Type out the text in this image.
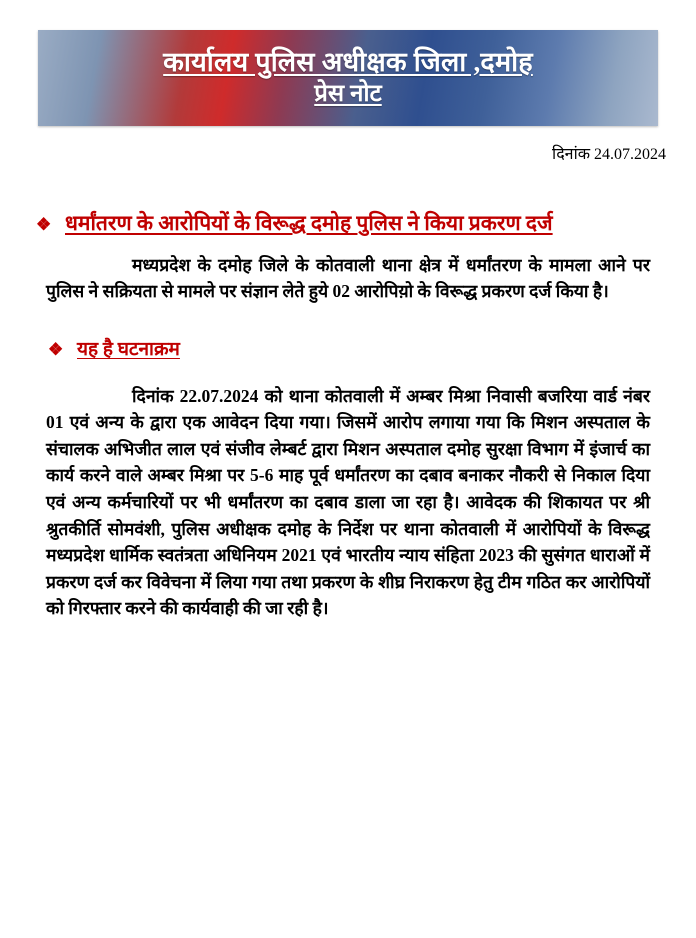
कार्यालय पुलिस अधीक्षक जिला ,दमोह
प्रेस नोट
दिनांक 24.07.2024
❖ धर्मांतरण के आरोपियों के विरूद्ध दमोह पुलिस ने किया प्रकरण दर्ज

मध्यप्रदेश के दमोह जिले के कोतवाली थाना क्षेत्र में धर्मांतरण के मामला आने पर पुलिस ने सक्रियता से मामले पर संज्ञान लेते हुये 02 आरोपिय़ो के विरूद्ध प्रकरण दर्ज किया है।

❖ यह है घटनाक्रम

दिनांक 22.07.2024 को थाना कोतवाली में अम्बर मिश्रा निवासी बजरिया वार्ड नंबर 01 एवं अन्य के द्वारा एक आवेदन दिया गया। जिसमें आरोप लगाया गया कि मिशन अस्पताल के संचालक अभिजीत लाल एवं संजीव लेम्बर्ट द्वारा मिशन अस्पताल दमोह सुरक्षा विभाग में इंजार्च का कार्य करने वाले अम्बर मिश्रा पर 5-6 माह पूर्व धर्मांतरण का दबाव बनाकर नौकरी से निकाल दिया एवं अन्य कर्मचारियों पर भी धर्मांतरण का दबाव डाला जा रहा है। आवेदक की शिकायत पर श्री श्रुतकीर्ति सोमवंशी, पुलिस अधीक्षक दमोह के निर्देश पर थाना कोतवाली में आरोपियों के विरूद्ध मध्यप्रदेश धार्मिक स्वतंत्रता अधिनियम 2021 एवं भारतीय न्याय संहिता 2023 की सुसंगत धाराओं में प्रकरण दर्ज कर विवेचना में लिया गया तथा प्रकरण के शीघ्र निराकरण हेतु टीम गठित कर आरोपियों को गिरफ्तार करने की कार्यवाही की जा रही है।
